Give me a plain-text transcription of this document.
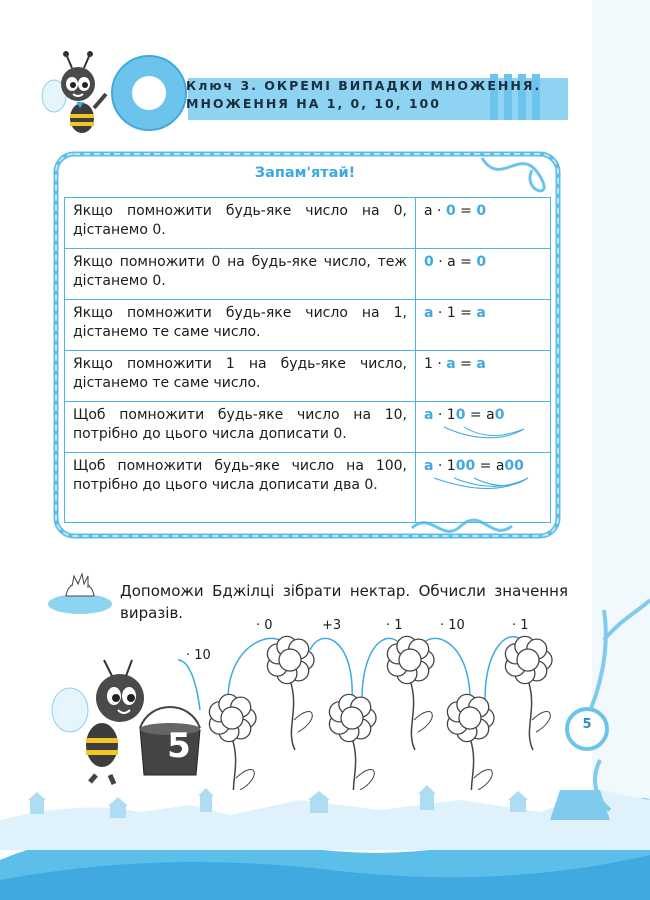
Ключ 3. ОКРЕМІ ВИПАДКИ МНОЖЕННЯ.
МНОЖЕННЯ НА 1, 0, 10, 100
Запам'ятай!
Якщо помножити будь-яке число на 0, дістанемо 0.	a · 0 = 0
Якщо помножити 0 на будь-яке число, теж дістанемо 0.	0 · a = 0
Якщо помножити будь-яке число на 1, дістанемо те саме число.	a · 1 = a
Якщо помножити 1 на будь-яке число, дістанемо те саме число.	1 · a = a
Щоб помножити будь-яке число на 10, потрібно до цього числа дописати 0.	a · 10 = a0

Щоб помножити будь-яке число на 100, потрібно до цього числа дописати два 0.	a · 100 = a00
Допоможи Бджілці зібрати нектар. Обчисли значення виразів.
5
· 10
· 0	+3	· 1	· 10	· 1
5
